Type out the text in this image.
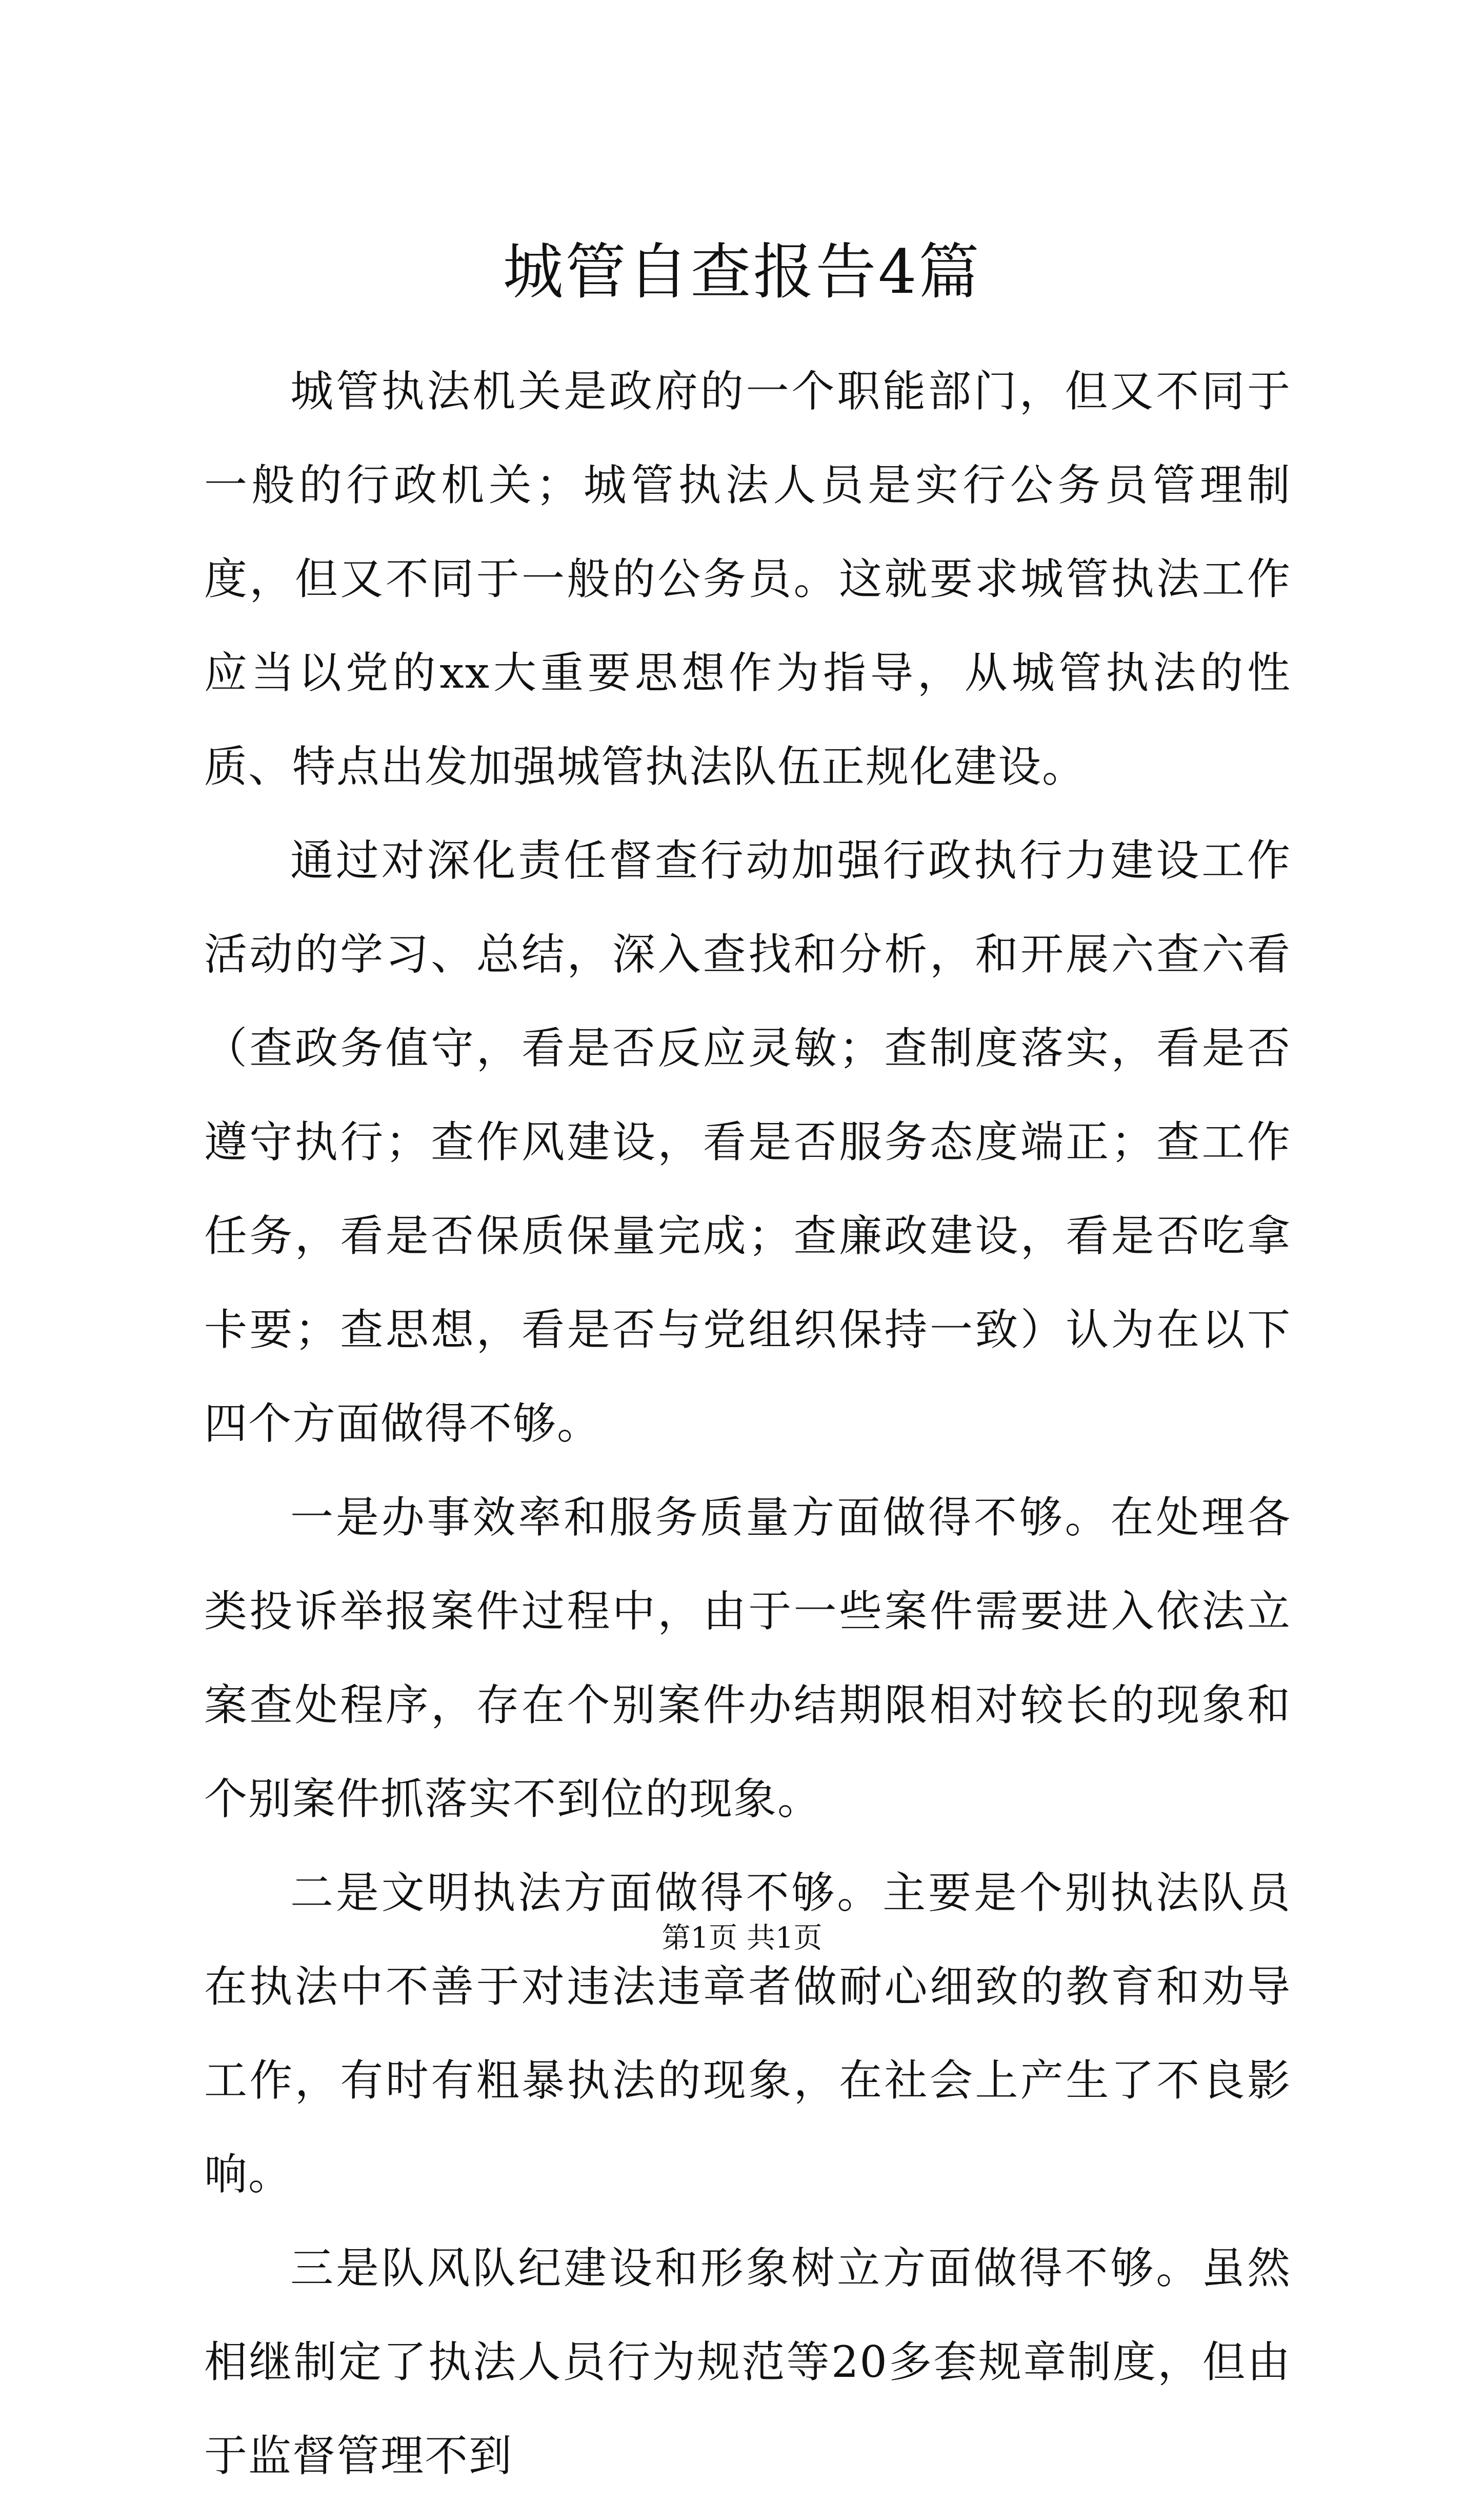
城管自查报告4篇

城管执法机关是政府的一个职能部门，但又不同于一般的行政机关；城管执法人员是实行公务员管理制度，但又不同于一般的公务员。这就要求城管执法工作应当以党的xx大重要思想作为指导，从城管执法的性质、特点出发加强城管执法队伍正规化建设。

通过对深化责任督查行动加强行政执行力建设工作活动的学习、总结，深入查找和分析，和开展六查六看（查政务值守，看是否反应灵敏；查制度落实，看是否遵守执行；查作风建设，看是否服务态度端正；查工作任务，看是否保质保量完成；查廉政建设，看是否吃拿卡要；查思想，看是否与党组织保持一致）认为在以下四个方面做得不够。

一是办事效率和服务质量方面做得不够。在处理各类投诉举报案件过程中，由于一些案件需要进入依法立案查处程序，存在个别案件办结期限相对较长的现象和个别案件抓落实不到位的现象。

二是文明执法方面做得不够。主要是个别执法队员在执法中不善于对违法违章者做耐心细致的教育和劝导工作，有时有粗暴执法的现象，在社会上产生了不良影响。

三是队风队纪建设和形象树立方面做得不够。虽然相继制定了执法人员行为规范等20多套规章制度，但由于监督管理不到

第1页 共1页
